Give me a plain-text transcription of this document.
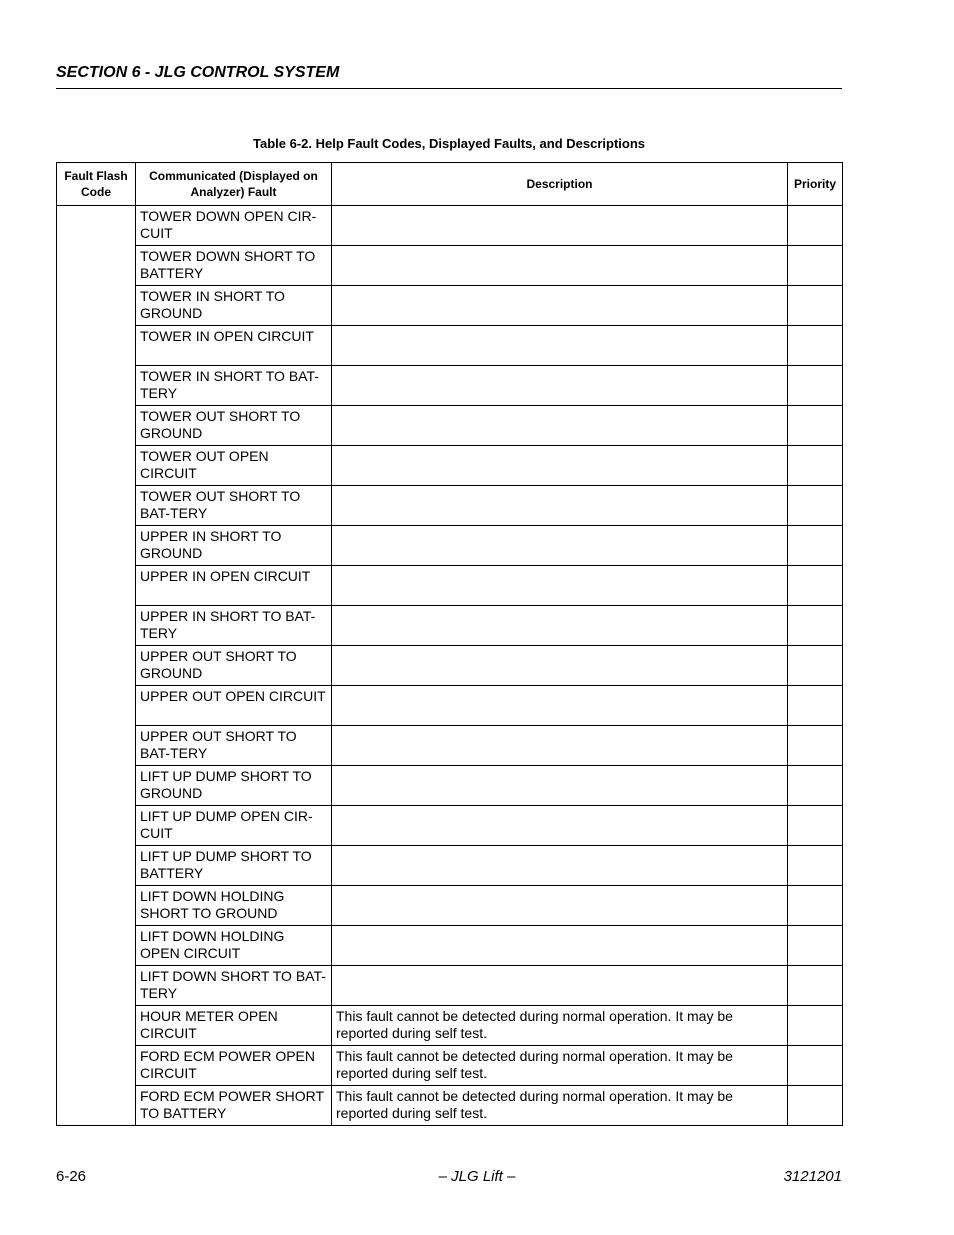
SECTION 6 - JLG CONTROL SYSTEM
Table 6-2. Help Fault Codes, Displayed Faults, and Descriptions
Fault Flash Code	Communicated (Displayed on Analyzer) Fault	Description	Priority
	TOWER DOWN OPEN CIR-CUIT		
	TOWER DOWN SHORT TO BATTERY		
	TOWER IN SHORT TO GROUND		
	TOWER IN OPEN CIRCUIT		
	TOWER IN SHORT TO BAT-TERY		
	TOWER OUT SHORT TO GROUND		
	TOWER OUT OPEN CIRCUIT		
	TOWER OUT SHORT TO BAT-TERY		
	UPPER IN SHORT TO GROUND		
	UPPER IN OPEN CIRCUIT		
	UPPER IN SHORT TO BAT-TERY		
	UPPER OUT SHORT TO GROUND		
	UPPER OUT OPEN CIRCUIT		
	UPPER OUT SHORT TO BAT-TERY		
	LIFT UP DUMP SHORT TO GROUND		
	LIFT UP DUMP OPEN CIR-CUIT		
	LIFT UP DUMP SHORT TO BATTERY		
	LIFT DOWN HOLDING SHORT TO GROUND		
	LIFT DOWN HOLDING OPEN CIRCUIT		
	LIFT DOWN SHORT TO BAT-TERY		
	HOUR METER OPEN CIRCUIT	This fault cannot be detected during normal operation. It may be reported during self test.	
	FORD ECM POWER OPEN CIRCUIT	This fault cannot be detected during normal operation. It may be reported during self test.	
	FORD ECM POWER SHORT TO BATTERY	This fault cannot be detected during normal operation. It may be reported during self test.	
6-26	– JLG Lift –	3121201
